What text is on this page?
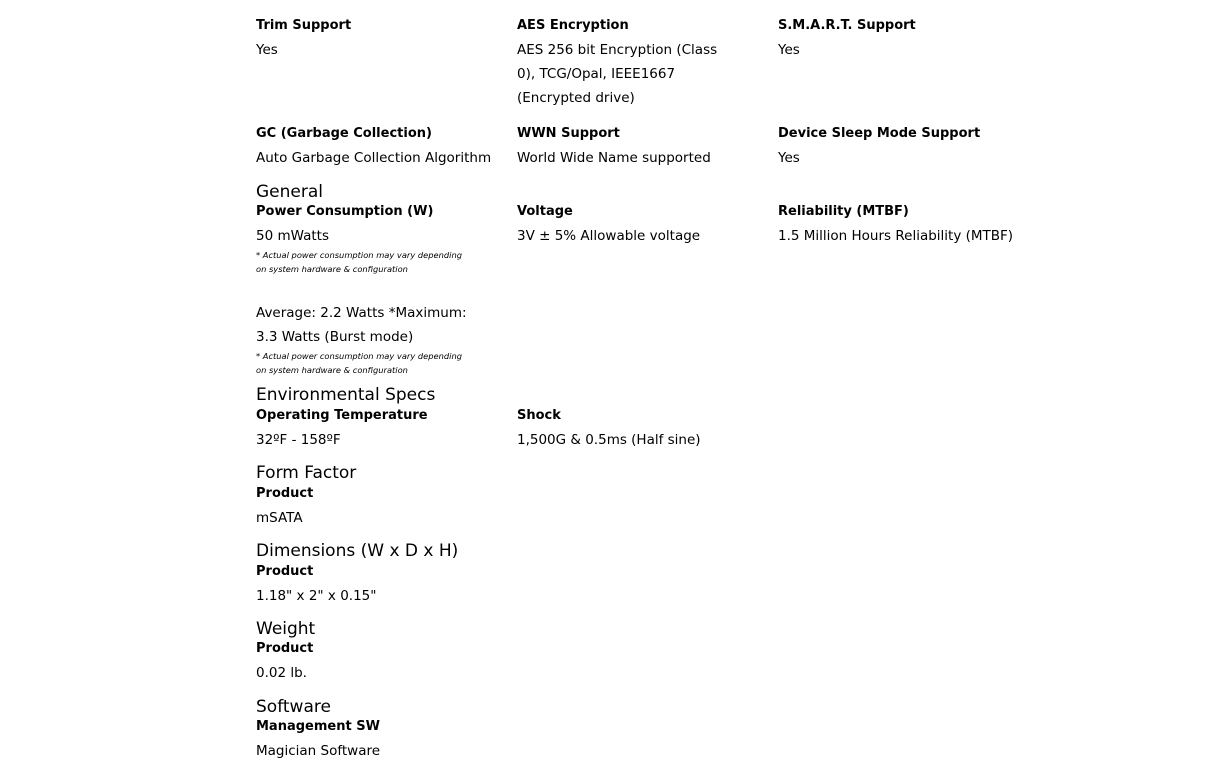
Trim Support
Yes
AES Encryption
AES 256 bit Encryption (Class 0), TCG/Opal, IEEE1667 (Encrypted drive)
S.M.A.R.T. Support
Yes
GC (Garbage Collection)
Auto Garbage Collection Algorithm
WWN Support
World Wide Name supported
Device Sleep Mode Support
Yes
General
Power Consumption (W)
50 mWatts
* Actual power consumption may vary depending on system hardware & configuration
Average: 2.2 Watts *Maximum: 3.3 Watts (Burst mode)
* Actual power consumption may vary depending on system hardware & configuration
Voltage
3V ± 5% Allowable voltage
Reliability (MTBF)
1.5 Million Hours Reliability (MTBF)
Environmental Specs
Operating Temperature
32ºF - 158ºF
Shock
1,500G & 0.5ms (Half sine)
Form Factor
Product
mSATA
Dimensions (W x D x H)
Product
1.18" x 2" x 0.15"
Weight
Product
0.02 lb.
Software
Management SW
Magician Software
